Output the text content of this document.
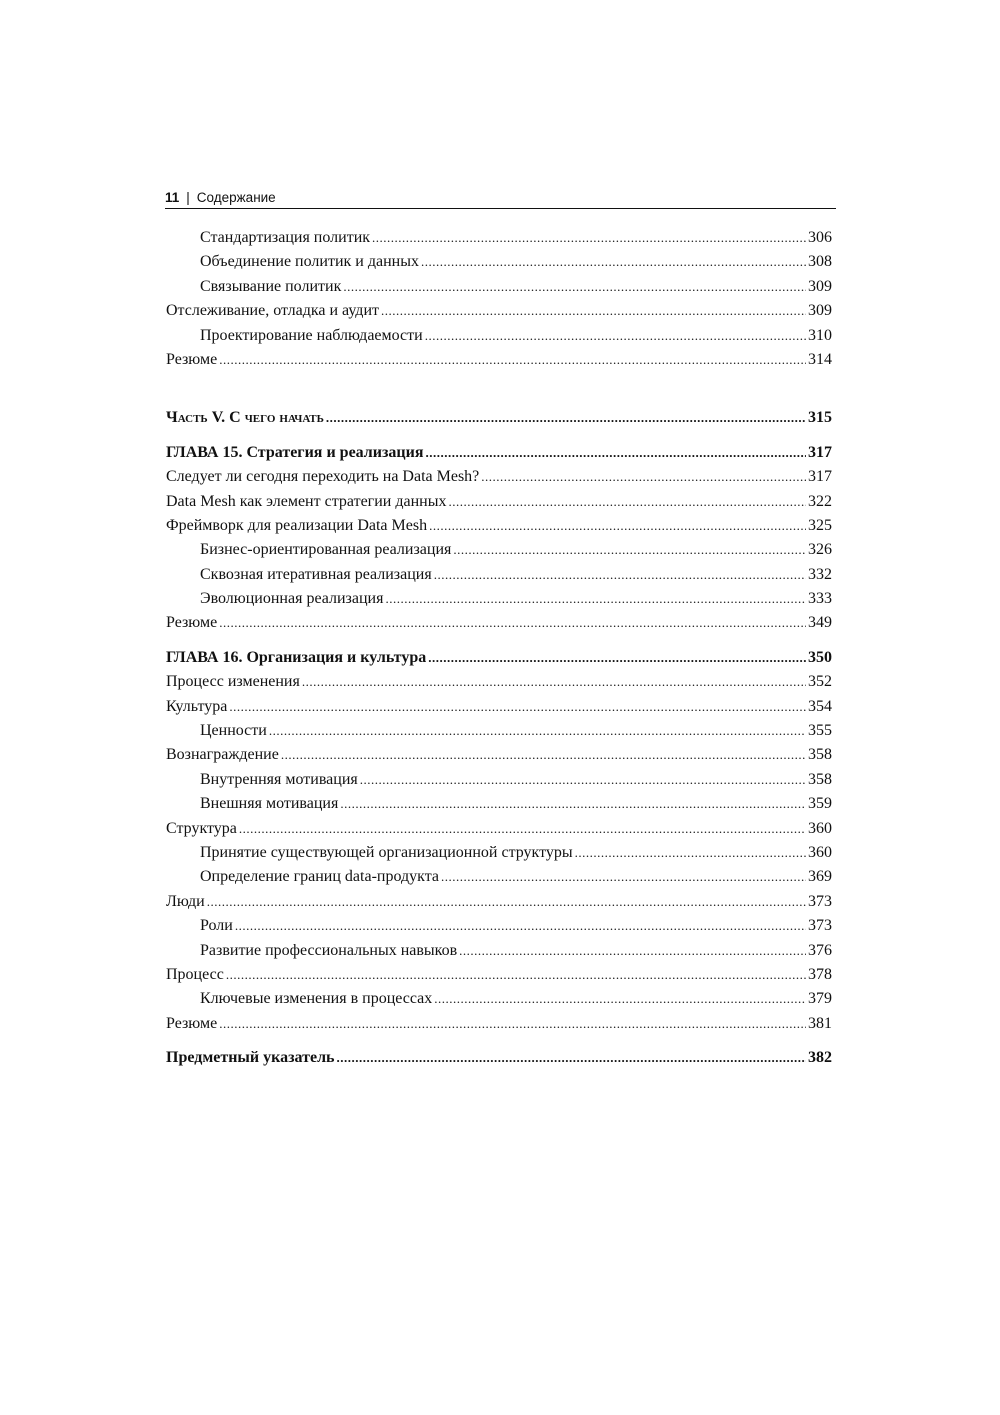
11 | Содержание
Стандартизация политик .....	306
Объединение политик и данных .....	308
Связывание политик .....	309
Отслеживание, отладка и аудит .....	309
Проектирование наблюдаемости .....	310
Резюме .....	314
Часть V. С чего начать .....	315
ГЛАВА 15. Стратегия и реализация .....	317
Следует ли сегодня переходить на Data Mesh? .....	317
Data Mesh как элемент стратегии данных .....	322
Фреймворк для реализации Data Mesh .....	325
Бизнес-ориентированная реализация .....	326
Сквозная итеративная реализация .....	332
Эволюционная реализация .....	333
Резюме .....	349
ГЛАВА 16. Организация и культура .....	350
Процесс изменения .....	352
Культура .....	354
Ценности .....	355
Вознаграждение .....	358
Внутренняя мотивация .....	358
Внешняя мотивация .....	359
Структура .....	360
Принятие существующей организационной структуры .....	360
Определение границ data-продукта .....	369
Люди .....	373
Роли .....	373
Развитие профессиональных навыков .....	376
Процесс .....	378
Ключевые изменения в процессах .....	379
Резюме .....	381
Предметный указатель .....	382
